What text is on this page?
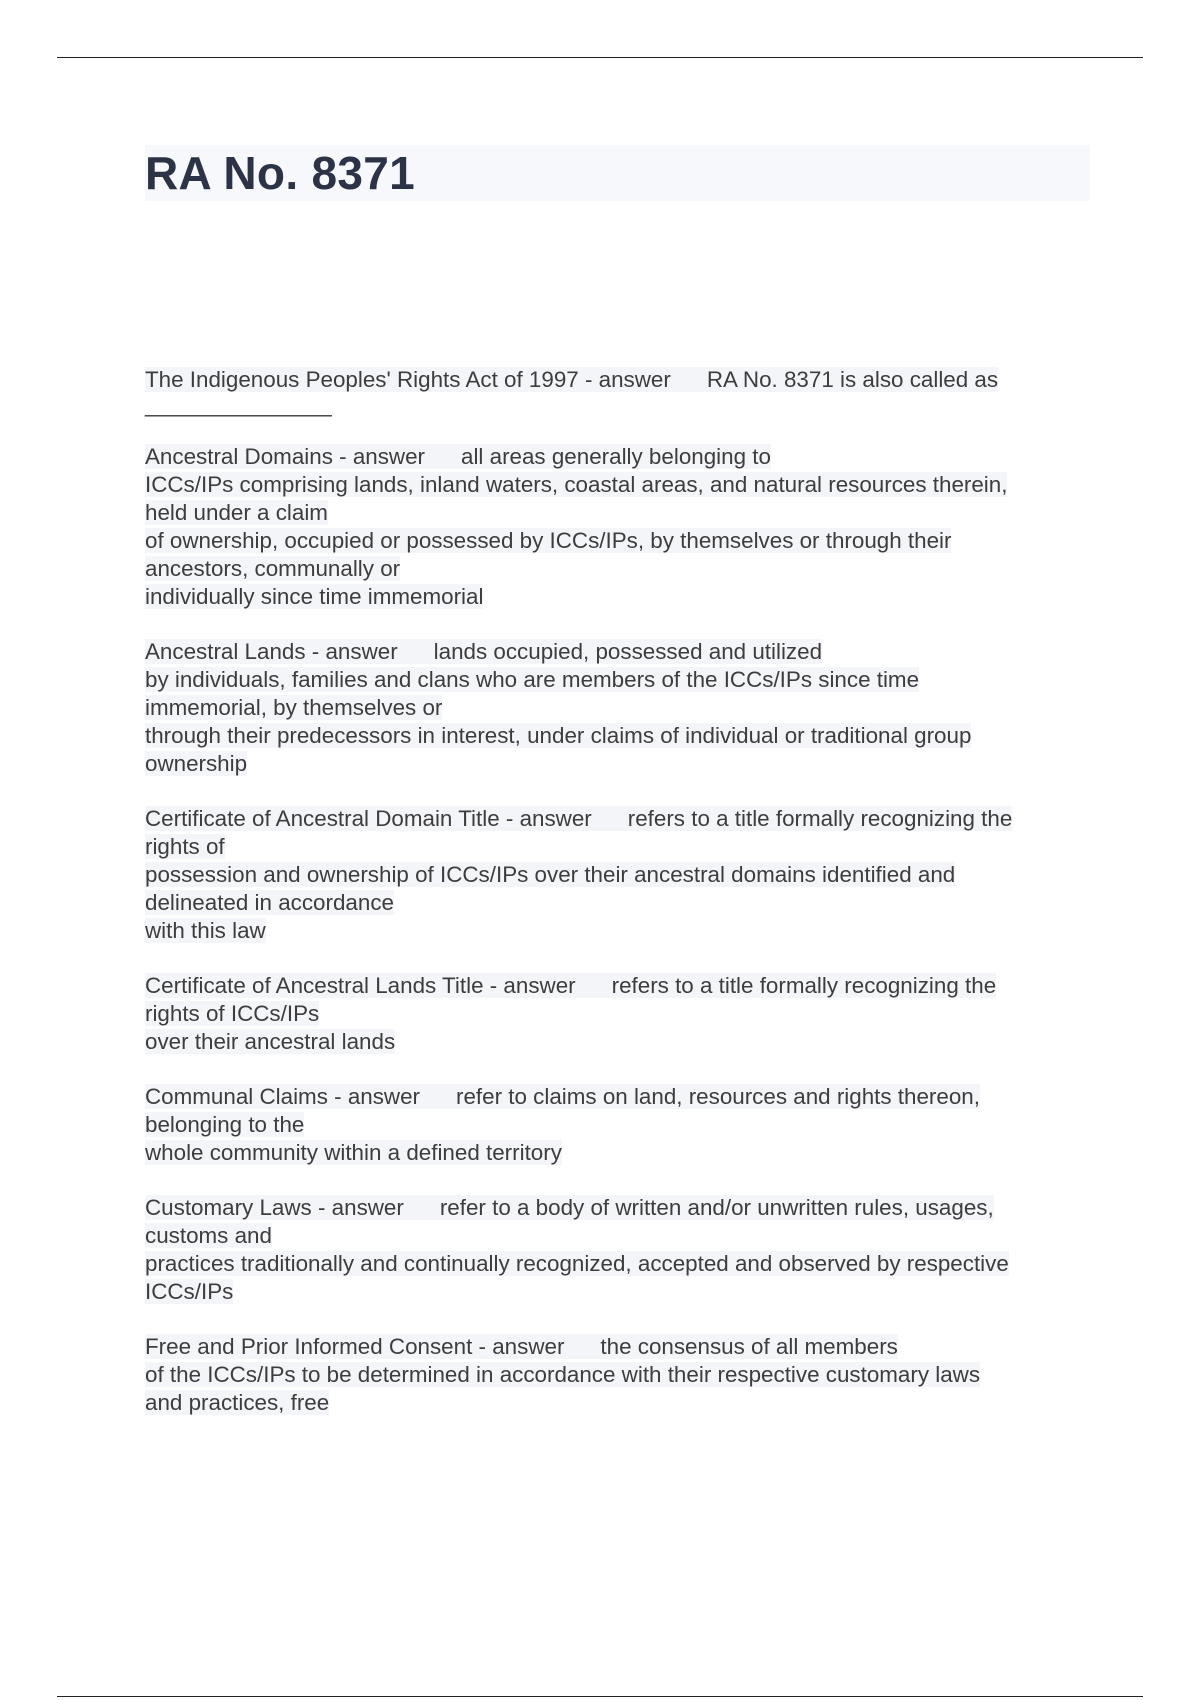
RA No. 8371
The Indigenous Peoples' Rights Act of 1997 - answer RA No. 8371 is also called as
_______________
Ancestral Domains - answer all areas generally belonging to
ICCs/IPs comprising lands, inland waters, coastal areas, and natural resources therein,
held under a claim
of ownership, occupied or possessed by ICCs/IPs, by themselves or through their
ancestors, communally or
individually since time immemorial
Ancestral Lands - answer lands occupied, possessed and utilized
by individuals, families and clans who are members of the ICCs/IPs since time
immemorial, by themselves or
through their predecessors in interest, under claims of individual or traditional group
ownership
Certificate of Ancestral Domain Title - answer refers to a title formally recognizing the
rights of
possession and ownership of ICCs/IPs over their ancestral domains identified and
delineated in accordance
with this law
Certificate of Ancestral Lands Title - answer refers to a title formally recognizing the
rights of ICCs/IPs
over their ancestral lands
Communal Claims - answer refer to claims on land, resources and rights thereon,
belonging to the
whole community within a defined territory
Customary Laws - answer refer to a body of written and/or unwritten rules, usages,
customs and
practices traditionally and continually recognized, accepted and observed by respective
ICCs/IPs
Free and Prior Informed Consent - answer the consensus of all members
of the ICCs/IPs to be determined in accordance with their respective customary laws
and practices, free
